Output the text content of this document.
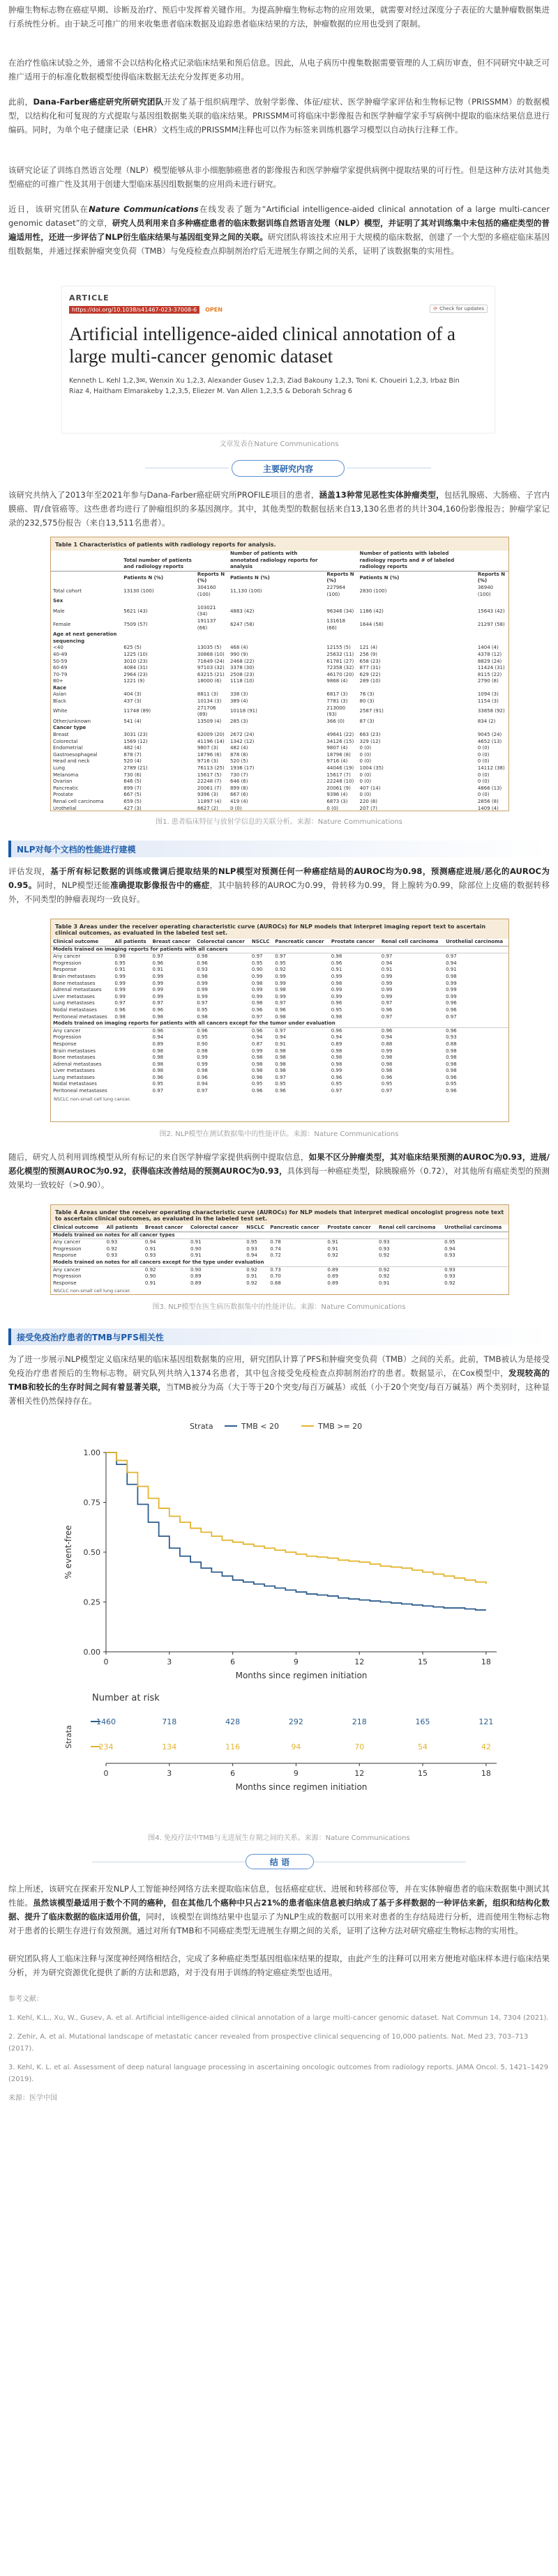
肿瘤生物标志物在癌症早期、诊断及治疗、预后中发挥着关键作用。为提高肿瘤生物标志物的应用效果，就需要对经过深度分子表征的大量肿瘤数据集进行系统性分析。由于缺乏可推广的用来收集患者临床数据及追踪患者临床结果的方法，肿瘤数据的应用也受到了限制。

在治疗性临床试验之外，通常不会以结构化格式记录临床结果和预后信息。因此，从电子病历中搜集数据需要管理的人工病历审查，但不同研究中缺乏可推广适用于的标准化数据模型使得临床数据无法充分发挥更多功用。

此前，Dana-Farber癌症研究所研究团队开发了基于组织病理学、放射学影像、体征/症状、医学肿瘤学家评估和生物标记物（PRISSMM）的数据模型，以结构化和可复现的方式提取与基因组数据集关联的临床结果。PRISSMM可将临床中影像报告和医学肿瘤学家手写病例中提取的临床结果信息进行编码。同时，为单个电子健康记录（EHR）文档生成的PRISSMM注释也可以作为标签来训练机器学习模型以自动执行注释工作。

该研究论证了训练自然语言处理（NLP）模型能够从非小细胞肺癌患者的影像报告和医学肿瘤学家提供病例中提取结果的可行性。但是这种方法对其他类型癌症的可推广性及其用于创建大型临床基因组数据集的应用尚未进行研究。

近日，该研究团队在Nature Communications在线发表了题为“Artificial intelligence-aided clinical annotation of a large multi-cancer genomic dataset”的文章，研究人员利用来自多种癌症患者的临床数据训练自然语言处理（NLP）模型，并证明了其对训练集中未包括的癌症类型的普遍适用性，还进一步评估了NLP衍生临床结果与基因组变异之间的关联。研究团队将该技术应用于大规模的临床数据，创建了一个大型的多癌症临床基因组数据集，并通过探索肿瘤突变负荷（TMB）与免疫检查点抑制剂治疗后无进展生存期之间的关系，证明了该数据集的实用性。

ARTICLE
https://doi.org/10.1038/s41467-023-37008-6	OPEN	⟳ Check for updates
Artificial intelligence-aided clinical annotation of a large multi-cancer genomic dataset
Kenneth L. Kehl 1,2,3✉, Wenxin Xu 1,2,3, Alexander Gusev 1,2,3, Ziad Bakouny 1,2,3, Toni K. Choueiri 1,2,3, Irbaz Bin Riaz 4, Haitham Elmarakeby 1,2,3,5, Eliezer M. Van Allen 1,2,3,5 & Deborah Schrag 6
文章发表在Nature Communications
主要研究内容

该研究共纳入了2013年至2021年参与Dana-Farber癌症研究所PROFILE项目的患者，涵盖13种常见恶性实体肿瘤类型，包括乳腺癌、大肠癌、子宫内膜癌、胃/食管癌等。这些患者均进行了肿瘤组织的多基因测序。其中，其他类型的数据包括来自13,130名患者的共计304,160份影像报告；肿瘤学家记录的232,575份报告（来自13,511名患者）。

Table 1 Characteristics of patients with radiology reports for analysis.
	Total number of patients and radiology reports		Number of patients with annotated radiology reports for analysis		Number of patients with labeled radiology reports and # of labeled radiology reports	
	Patients N (%)	Reports N (%)	Patients N (%)	Reports N (%)	Patients N (%)	Reports N (%)
Total cohort	13130 (100)	304160 (100)	11,130 (100)	227964 (100)	2830 (100)	36940 (100)
Sex						
Male	5621 (43)	103021 (34)	4883 (42)	96346 (34)	1186 (42)	15643 (42)
Female	7509 (57)	191137 (66)	6247 (58)	131618 (66)	1644 (58)	21297 (58)
Age at next generation sequencing						
<40	625 (5)	13035 (5)	468 (4)	12155 (5)	121 (4)	1404 (4)
40-49	1225 (10)	30868 (10)	990 (9)	25632 (11)	256 (9)	4378 (12)
50-59	3010 (23)	71649 (24)	2468 (22)	61781 (27)	658 (23)	8829 (24)
60-69	4084 (31)	97103 (32)	3378 (30)	72358 (32)	877 (31)	11424 (31)
70-79	2964 (23)	63215 (21)	2508 (23)	46170 (20)	629 (22)	8115 (22)
80+	1221 (9)	18000 (6)	1118 (10)	9868 (4)	289 (10)	2790 (8)
Race						
Asian	404 (3)	8811 (3)	338 (3)	6817 (3)	76 (3)	1094 (3)
Black	437 (3)	10134 (3)	389 (4)	7781 (3)	80 (3)	1154 (3)
White	11748 (89)	271706 (89)	10118 (91)	213000 (93)	2587 (91)	33858 (92)
Other/unknown	541 (4)	13509 (4)	285 (3)	366 (0)	87 (3)	834 (2)
Cancer type						
Breast	3031 (23)	62009 (20)	2672 (24)	49641 (22)	663 (23)	9045 (24)
Colorectal	1569 (12)	41196 (14)	1342 (12)	34126 (15)	329 (12)	4652 (13)
Endometrial	482 (4)	9807 (3)	482 (4)	9807 (4)	0 (0)	0 (0)
Gastroesophageal	878 (7)	18796 (6)	878 (8)	18796 (8)	0 (0)	0 (0)
Head and neck	520 (4)	9716 (3)	520 (5)	9716 (4)	0 (0)	0 (0)
Lung	2789 (21)	76113 (25)	1936 (17)	44046 (19)	1004 (35)	14112 (38)
Melanoma	730 (6)	15617 (5)	730 (7)	15617 (7)	0 (0)	0 (0)
Ovarian	646 (5)	22248 (7)	646 (6)	22248 (10)	0 (0)	0 (0)
Pancreatic	899 (7)	20061 (7)	899 (8)	20061 (9)	407 (14)	4866 (13)
Prostate	667 (5)	9396 (3)	667 (6)	9396 (4)	0 (0)	0 (0)
Renal cell carcinoma	659 (5)	11897 (4)	419 (4)	6873 (3)	220 (8)	2856 (8)
Urothelial	427 (3)	6627 (2)	0 (0)	0 (0)	207 (7)	1409 (4)
图1. 患者临床特征与放射学信息的关联分析。来源：Nature Communications
NLP对每个文档的性能进行建模

评估发现，基于所有标记数据的训练或微调后提取结果的NLP模型对预测任何一种癌症结局的AUROC均为0.98，预测癌症进展/恶化的AUROC为0.95。同时，NLP模型还能准确提取影像报告中的癌症，其中脑转移的AUROC为0.99，骨转移为0.99，肾上腺转为0.99，除部位上皮癌的数据转移外，不同类型的肿瘤表现均一致良好。

Table 3 Areas under the receiver operating characteristic curve (AUROCs) for NLP models that interpret imaging report text to ascertain clinical outcomes, as evaluated in the labeled test set.
Clinical outcome	All patients	Breast cancer	Colorectal cancer	NSCLC	Pancreatic cancer	Prostate cancer	Renal cell carcinoma	Urothelial carcinoma
Models trained on imaging reports for patients with all cancers								
Any cancer	0.98	0.97	0.98	0.97	0.97	0.98	0.97	0.97
Progression	0.95	0.96	0.96	0.95	0.95	0.96	0.94	0.94
Response	0.91	0.91	0.93	0.90	0.92	0.91	0.91	0.91
Brain metastases	0.99	0.99	0.98	0.99	0.99	0.99	0.99	0.98
Bone metastases	0.99	0.99	0.99	0.98	0.99	0.98	0.99	0.99
Adrenal metastases	0.99	0.99	0.99	0.99	0.98	0.99	0.99	0.99
Liver metastases	0.99	0.99	0.99	0.99	0.99	0.99	0.99	0.99
Lung metastases	0.97	0.97	0.97	0.98	0.97	0.96	0.97	0.96
Nodal metastases	0.96	0.96	0.95	0.96	0.96	0.95	0.96	0.96
Peritoneal metastases	0.98	0.98	0.98	0.97	0.98	0.98	0.97	0.97
Models trained on imaging reports for patients with all cancers except for the tumor under evaluation								
Any cancer		0.96	0.96	0.96	0.97	0.96	0.96	0.96
Progression		0.94	0.95	0.94	0.94	0.94	0.94	0.93
Response		0.89	0.90	0.87	0.91	0.89	0.88	0.88
Brain metastases		0.98	0.98	0.99	0.98	0.98	0.99	0.98
Bone metastases		0.98	0.99	0.98	0.98	0.98	0.98	0.98
Adrenal metastases		0.98	0.99	0.98	0.98	0.98	0.98	0.98
Liver metastases		0.98	0.98	0.98	0.98	0.99	0.98	0.98
Lung metastases		0.96	0.96	0.96	0.97	0.96	0.96	0.96
Nodal metastases		0.95	0.94	0.95	0.95	0.95	0.95	0.95
Peritoneal metastases		0.97	0.97	0.96	0.96	0.97	0.97	0.96
NSCLC non-small cell lung cancer.
图2. NLP模型在测试数据集中的性能评估。来源：Nature Communications

随后，研究人员利用训练模型从所有标记的来自医学肿瘤学家提供病例中提取信息，如果不区分肿瘤类型，其对临床结果预测的AUROC为0.93，进展/恶化模型的预测AUROC为0.92，获得临床改善结局的预测AUROC为0.93，具体到每一种癌症类型，除胰腺癌外（0.72），对其他所有癌症类型的预测效果均一致较好（>0.90）。

Table 4 Areas under the receiver operating characteristic curve (AUROCs) for NLP models that interpret medical oncologist progress note text to ascertain clinical outcomes, as evaluated in the labeled test set.
Clinical outcome	All patients	Breast cancer	Colorectal cancer	NSCLC	Pancreatic cancer	Prostate cancer	Renal cell carcinoma	Urothelial carcinoma
Models trained on notes for all cancer types								
Any cancer	0.93	0.94	0.91	0.95	0.78	0.91	0.93	0.95
Progression	0.92	0.91	0.90	0.93	0.74	0.91	0.93	0.94
Response	0.93	0.93	0.91	0.94	0.72	0.92	0.92	0.93
Models trained on notes for all cancers except for the type under evaluation								
Any cancer		0.92	0.90	0.92	0.73	0.89	0.92	0.93
Progression		0.90	0.89	0.91	0.70	0.89	0.92	0.93
Response		0.91	0.89	0.92	0.68	0.89	0.91	0.92
NSCLC non-small cell lung cancer.
图3. NLP模型在医生病历数据集中的性能评估。来源：Nature Communications
接受免疫治疗患者的TMB与PFS相关性

为了进一步展示NLP模型定义临床结果的临床基因组数据集的应用，研究团队计算了PFS和肿瘤突变负荷（TMB）之间的关系。此前，TMB被认为是接受免疫治疗患者预后的生物标志物。研究队列共纳入1374名患者，其中包含接受免疫检查点抑制剂治疗的患者。数据显示，在Cox模型中，发现较高的TMB和较长的生存时间之间有着显著关联，当TMB被分为高（大于等于20个突变/每百万碱基）或低（小于20个突变/每百万碱基）两个类别时，这种显著相关性仍然保持存在。

Strata	TMB < 20	TMB >= 20
0.00
0.25
0.50
0.75
1.00
0	3	6	9	12	15	18
Months since regimen initiation
% event-free
Number at risk
1460	718	428	292	218	165	121
234	134	116	94	70	54	42
Strata
0	3	6	9	12	15	18
Months since regimen initiation
图4. 免疫疗法中TMB与无进展生存期之间的关系。来源：Nature Communications
结 语

综上所述，该研究在探索开发NLP人工智能神经网络方法来提取临床信息，包括癌症症状、进展和转移部位等，并在实体肿瘤患者的临床数据集中测试其性能。虽然该模型最适用于数个不同的癌种，但在其他几个癌种中只占21%的患者临床信息被归纳成了基于多样数据的一种评估来新，组织和结构化数据、提升了临床数据的临床适用价值，同时，该模型在训练结果中也显示了为NLP生成的数据可以用来对患者的生存结局进行分析，进而使用生物标志物对于患者的长期生存进行有效预测。通过对所有TMB和不同癌症类型无进展生存期之间的关系，证明了这种方法对研究癌症生物标志物的实用性。

研究团队将人工临床注释与深度神经网络相结合，完成了多种癌症类型基因组临床结果的提取，由此产生的注释可以用来方便地对临床样本进行临床结果分析，并为研究资源优化提供了新的方法和思路，对于没有用于训练的特定癌症类型也适用。

参考文献：

1. Kehl, K.L., Xu, W., Gusev, A. et al. Artificial intelligence-aided clinical annotation of a large multi-cancer genomic dataset. Nat Commun 14, 7304 (2021).

2. Zehir, A. et al. Mutational landscape of metastatic cancer revealed from prospective clinical sequencing of 10,000 patients. Nat. Med 23, 703–713 (2017).

3. Kehl, K. L. et al. Assessment of deep natural language processing in ascertaining oncologic outcomes from radiology reports. JAMA Oncol. 5, 1421–1429 (2019).

来源：医学中国
